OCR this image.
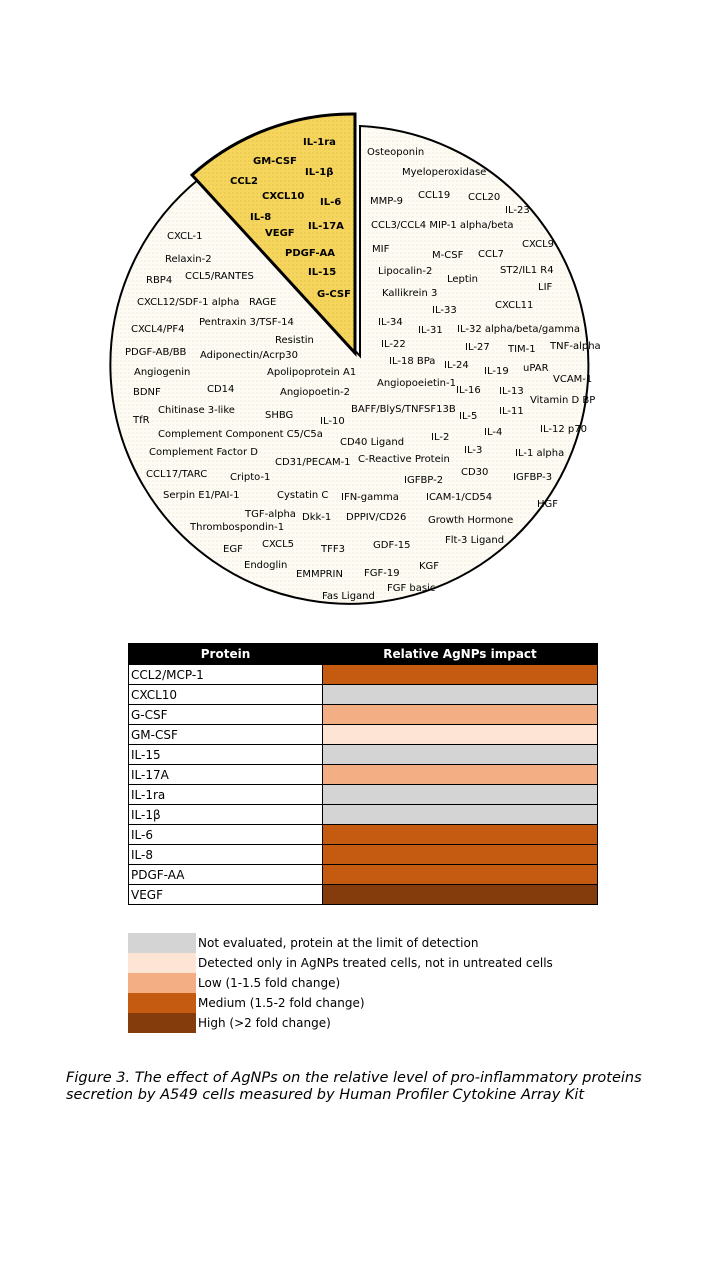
IL-1ra
GM-CSF
IL-1β
CCL2
CXCL10
IL-6
IL-8
IL-17A
VEGF
PDGF-AA
IL-15
G-CSF
Osteoponin
Myeloperoxidase
MMP-9
CCL19 CCL20
IL-23
CCL3/CCL4 MIP-1 alpha/beta
CXCL9
MIF
M-CSF CCL7
Lipocalin-2
Leptin
ST2/IL1 R4
LIF
Kallikrein 3
IL-33	CXCL11
IL-34
IL-31 IL-32 alpha/beta/gamma
IL-22	IL-27 TIM-1 TNF-alpha
IL-18 BPa IL-24
IL-19 uPAR
VCAM-1
Angiopoeietin-1
IL-16 IL-13
Vitamin D BP
BAFF/BlyS/TNFSF13B
IL-5 IL-11
IL-4	IL-12 p70
CD40 Ligand	IL-2
IL-3	IL-1 alpha
CD31/PECAM-1 C-Reactive Protein
CD30
IGFBP-2	IGFBP-3
Cystatin C IFN-gamma	ICAM-1/CD54
HGF
Dkk-1 DPPIV/CD26 Growth Hormone
Flt-3 Ligand
TFF3	GDF-15
KGF
EMMPRIN FGF-19
FGF basic
Fas Ligand
CXCL-1
Relaxin-2
RBP4 CCL5/RANTES
CXCL12/SDF-1 alpha RAGE
Pentraxin 3/TSF-14
CXCL4/PF4
Resistin
PDGF-AB/BB Adiponectin/Acrp30
Angiogenin	Apolipoprotein A1
BDNF	CD14	Angiopoetin-2
Chitinase 3-like
TfR	SHBG
IL-10
Complement Component C5/C5a
Complement Factor D
CCL17/TARC Cripto-1
Serpin E1/PAI-1
TGF-alpha
Thrombospondin-1
EGF CXCL5
Endoglin
Protein	Relative AgNPs impact
CCL2/MCP-1	
CXCL10	
G-CSF	
GM-CSF	
IL-15	
IL-17A	
IL-1ra	
IL-1β	
IL-6	
IL-8	
PDGF-AA	
VEGF	
Not evaluated, protein at the limit of detection
Detected only in AgNPs treated cells, not in untreated cells
Low (1-1.5 fold change)
Medium (1.5-2 fold change)
High (>2 fold change)
Figure 3. The effect of AgNPs on the relative level of pro-inflammatory proteins secretion by A549 cells measured by Human Profiler Cytokine Array Kit
